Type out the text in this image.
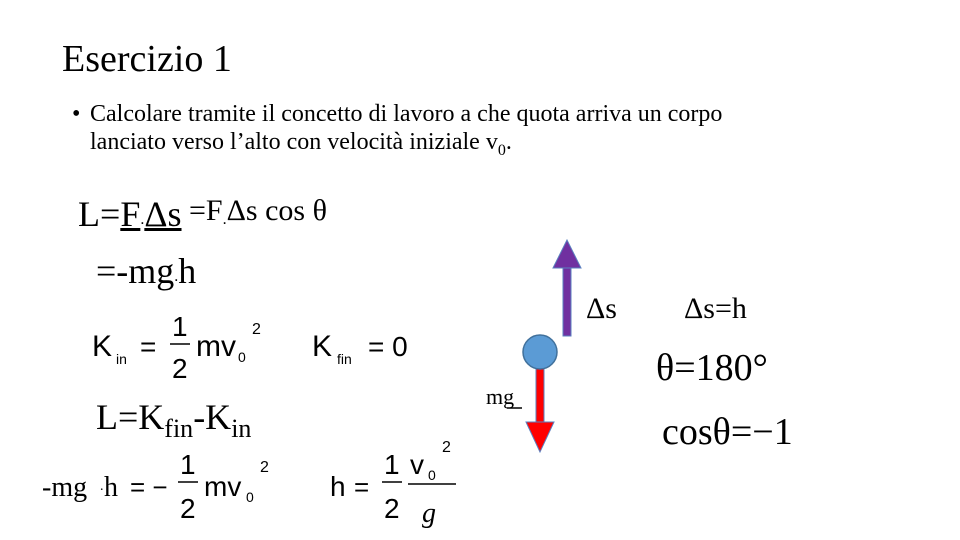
Esercizio 1
• Calcolare tramite il concetto di lavoro a che quota arriva un corpo
lanciato verso l’alto con velocità iniziale $v_0$.
L=F.Δs =F.Δs cos θ
=-mg.h
K in =
1
2
mv 0
2
K fin = 0
-mg . h = −
1
2
mv 0
2
h =
1
2
v 0
2
g
$L=K_{fin}-K_{in}$
Δs Δs=h
θ=180°
cosθ=−1
mg
